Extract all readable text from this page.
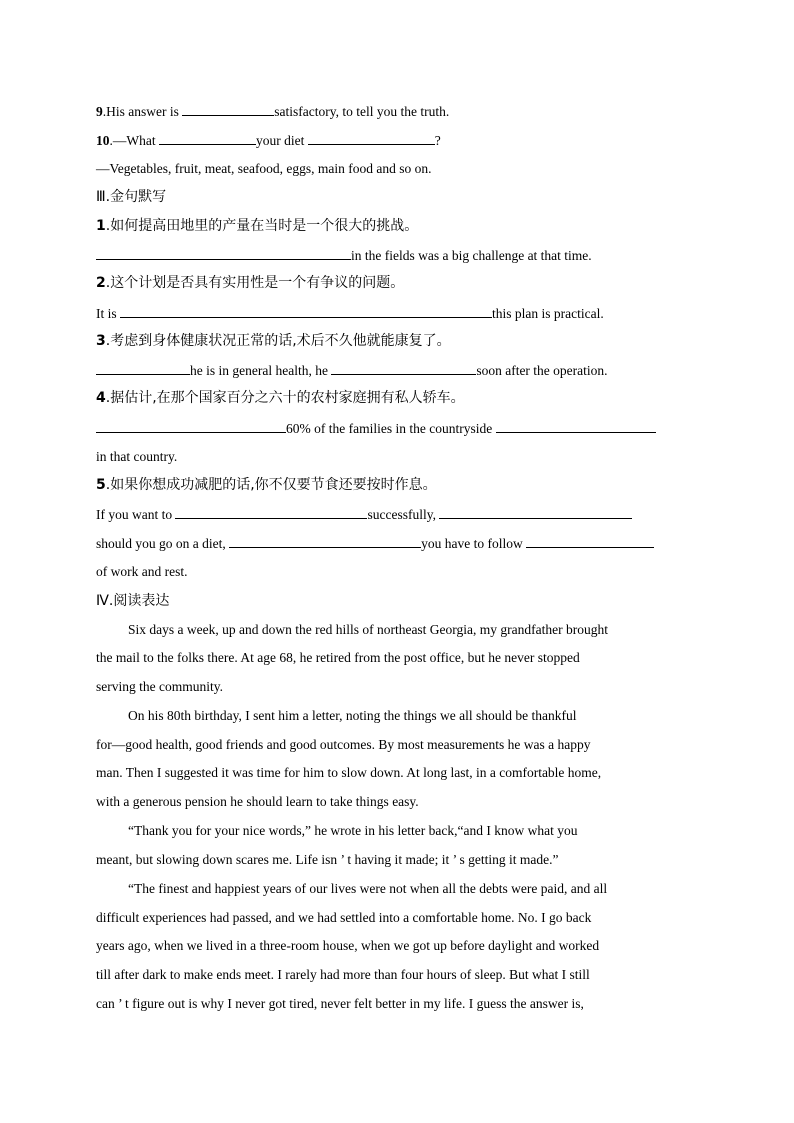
9.His answer is	satisfactory, to tell you the truth.
10.—What	your diet	?
—Vegetables, fruit, meat, seafood, eggs, main food and so on.
Ⅲ.金句默写
1.如何提高田地里的产量在当时是一个很大的挑战。
in the fields was a big challenge at that time.
2.这个计划是否具有实用性是一个有争议的问题。
It is	this plan is practical.
3.考虑到身体健康状况正常的话,术后不久他就能康复了。
he is in general health, he	soon after the operation.
4.据估计,在那个国家百分之六十的农村家庭拥有私人轿车。
60% of the families in the countryside
in that country.
5.如果你想成功减肥的话,你不仅要节食还要按时作息。
If you want to	successfully,
should you go on a diet,	you have to follow
of work and rest.
Ⅳ.阅读表达
Six days a week, up and down the red hills of northeast Georgia, my grandfather brought
the mail to the folks there. At age 68, he retired from the post office, but he never stopped
serving the community.
On his 80th birthday, I sent him a letter, noting the things we all should be thankful
for—good health, good friends and good outcomes. By most measurements he was a happy
man. Then I suggested it was time for him to slow down. At long last, in a comfortable home,
with a generous pension he should learn to take things easy.
“Thank you for your nice words,” he wrote in his letter back,“and I know what you
meant, but slowing down scares me. Life isn ’ t having it made; it ’ s getting it made.”
“The finest and happiest years of our lives were not when all the debts were paid, and all
difficult experiences had passed, and we had settled into a comfortable home. No. I go back
years ago, when we lived in a three-room house, when we got up before daylight and worked
till after dark to make ends meet. I rarely had more than four hours of sleep. But what I still
can ’ t figure out is why I never got tired, never felt better in my life. I guess the answer is,
